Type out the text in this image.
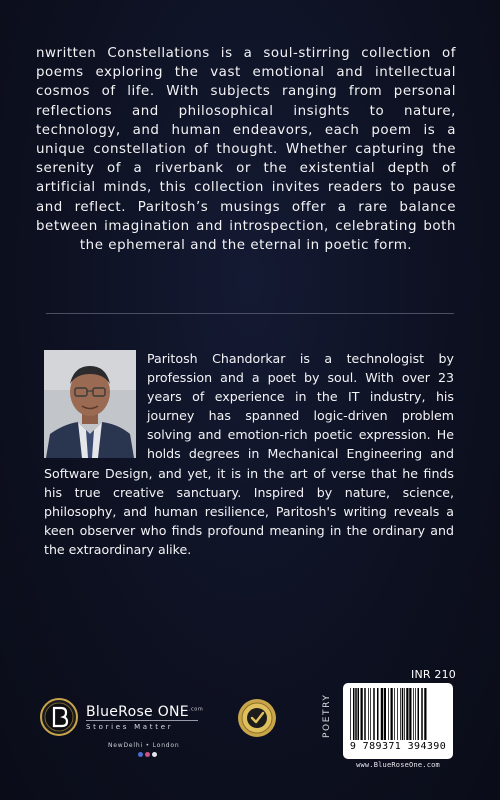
nwritten Constellations is a soul-stirring collection of poems exploring the vast emotional and intellectual cosmos of life. With subjects ranging from personal reflections and philosophical insights to nature, technology, and human endeavors, each poem is a unique constellation of thought. Whether capturing the serenity of a riverbank or the existential depth of artificial minds, this collection invites readers to pause and reflect. Paritosh’s musings offer a rare balance between imagination and introspection, celebrating both the ephemeral and the eternal in poetic form.

Paritosh Chandorkar is a technologist by profession and a poet by soul. With over 23 years of experience in the IT industry, his journey has spanned logic-driven problem solving and emotion-rich poetic expression. He holds degrees in Mechanical Engineering and Software Design, and yet, it is in the art of verse that he finds his true creative sanctuary. Inspired by nature, science, philosophy, and human resilience, Paritosh's writing reveals a keen observer who finds profound meaning in the ordinary and the extraordinary alike.
BlueRose $ONE^{.com}$
Stories Matter
NewDelhi • London
INR 210
POETRY
9 789371 394390
www.BlueRoseOne.com
